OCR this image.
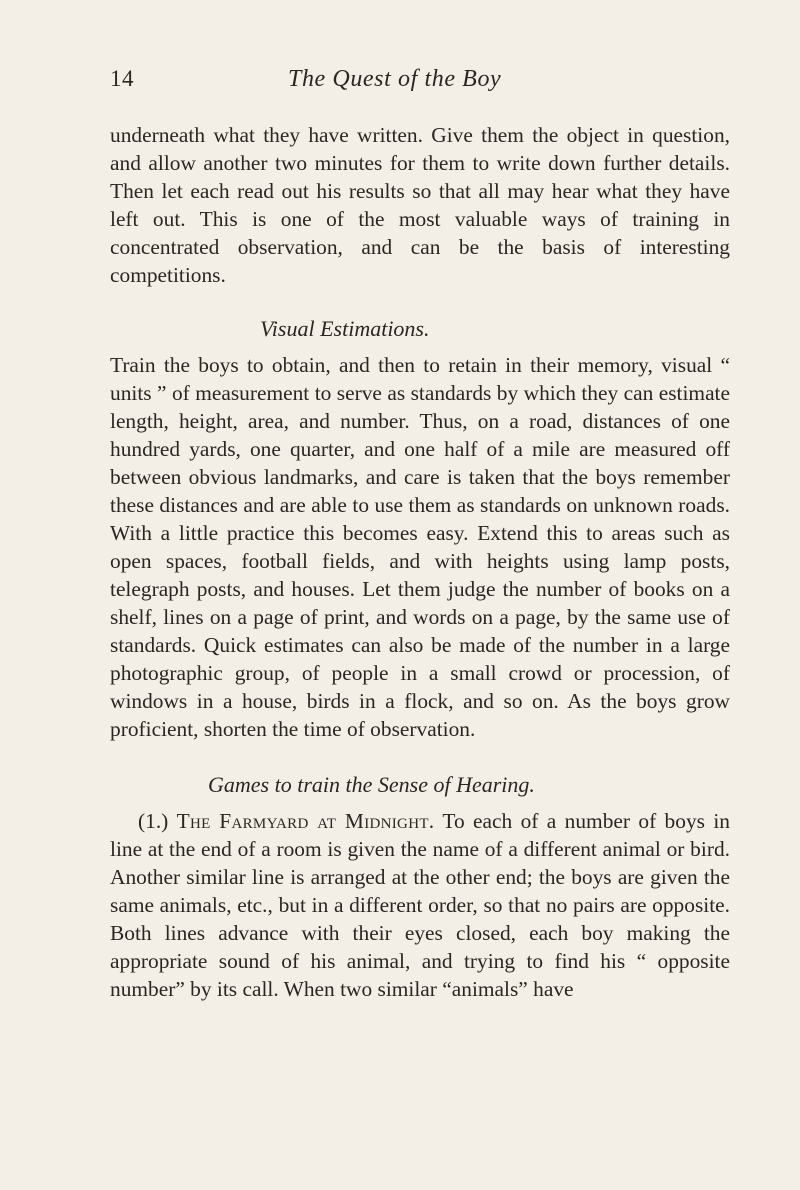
14	The Quest of the Boy

underneath what they have written. Give them the object in question, and allow another two minutes for them to write down further details. Then let each read out his results so that all may hear what they have left out. This is one of the most valuable ways of training in concentrated observation, and can be the basis of interesting competitions.

Visual Estimations.

Train the boys to obtain, and then to retain in their memory, visual “ units ” of measurement to serve as standards by which they can estimate length, height, area, and number. Thus, on a road, distances of one hundred yards, one quarter, and one half of a mile are measured off between obvious landmarks, and care is taken that the boys remember these distances and are able to use them as standards on unknown roads. With a little practice this becomes easy. Extend this to areas such as open spaces, football fields, and with heights using lamp posts, telegraph posts, and houses. Let them judge the number of books on a shelf, lines on a page of print, and words on a page, by the same use of standards. Quick estimates can also be made of the number in a large photographic group, of people in a small crowd or procession, of windows in a house, birds in a flock, and so on. As the boys grow proficient, shorten the time of observation.

Games to train the Sense of Hearing.

(1.) The Farmyard at Midnight. To each of a number of boys in line at the end of a room is given the name of a different animal or bird. Another similar line is arranged at the other end; the boys are given the same animals, etc., but in a different order, so that no pairs are opposite. Both lines advance with their eyes closed, each boy making the appropriate sound of his animal, and trying to find his “ opposite number” by its call. When two similar “animals” have
